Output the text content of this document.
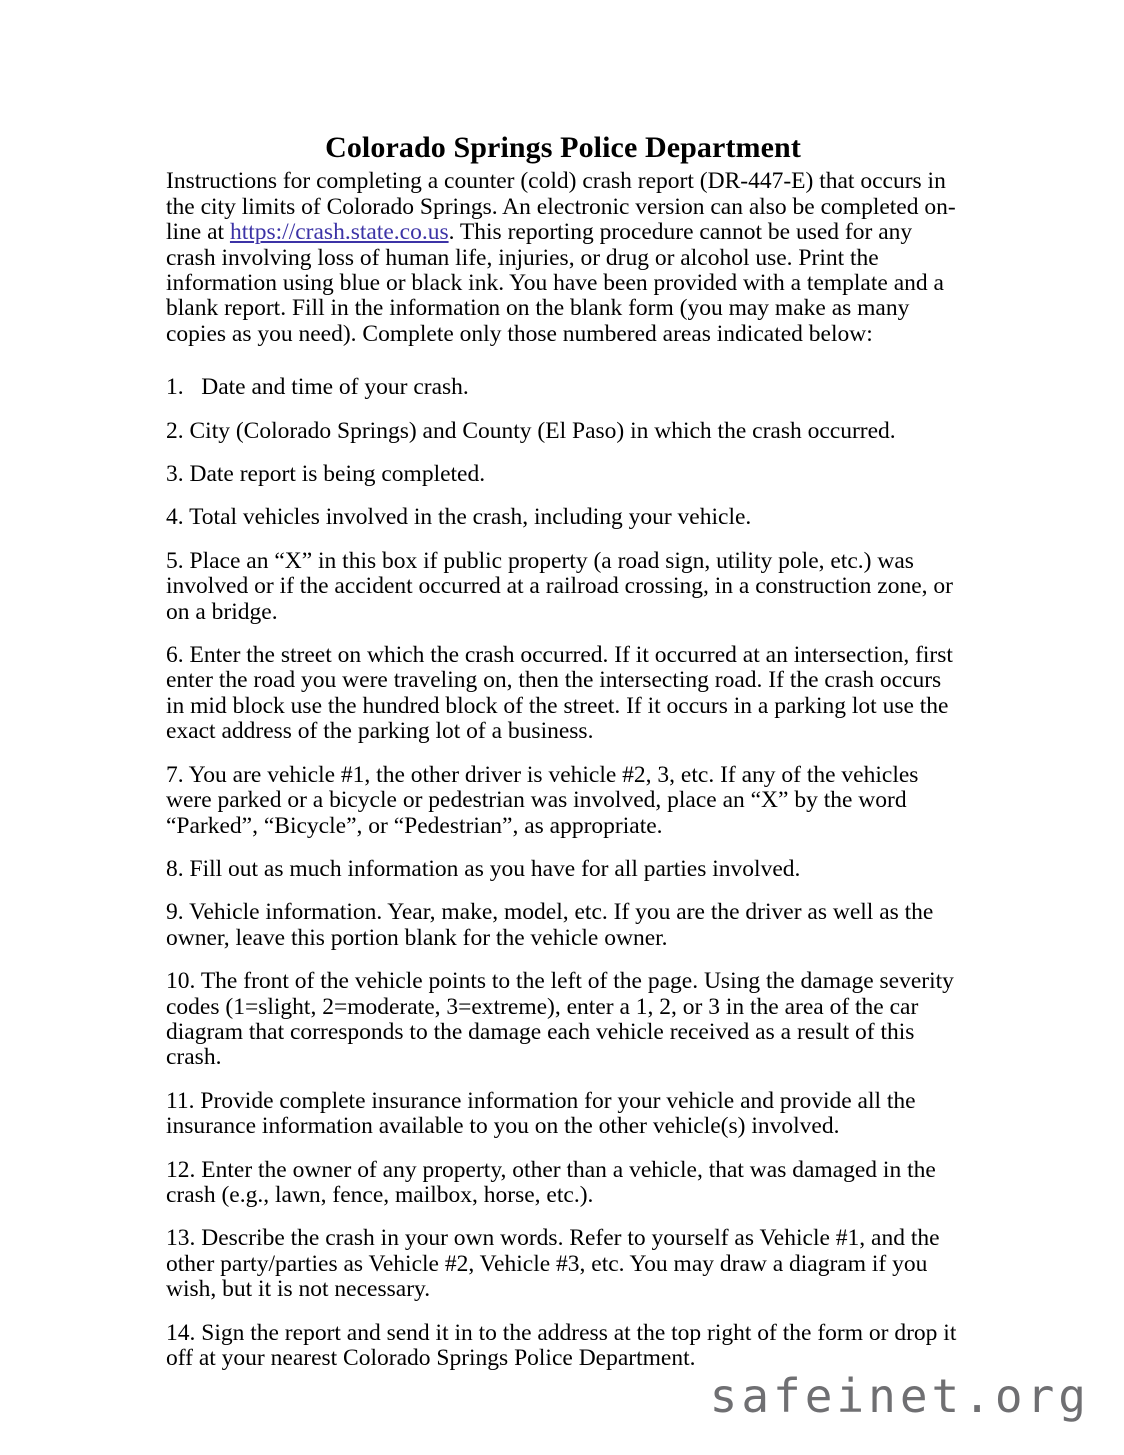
Colorado Springs Police Department

Instructions for completing a counter (cold) crash report (DR-447-E) that occurs in the city limits of Colorado Springs. An electronic version can also be completed on-line at https://crash.state.co.us. This reporting procedure cannot be used for any crash involving loss of human life, injuries, or drug or alcohol use. Print the information using blue or black ink. You have been provided with a template and a blank report. Fill in the information on the blank form (you may make as many copies as you need). Complete only those numbered areas indicated below:

1. Date and time of your crash.
2. City (Colorado Springs) and County (El Paso) in which the crash occurred.
3. Date report is being completed.
4. Total vehicles involved in the crash, including your vehicle.
5. Place an “X” in this box if public property (a road sign, utility pole, etc.) was involved or if the accident occurred at a railroad crossing, in a construction zone, or on a bridge.
6. Enter the street on which the crash occurred. If it occurred at an intersection, first enter the road you were traveling on, then the intersecting road. If the crash occurs in mid block use the hundred block of the street. If it occurs in a parking lot use the exact address of the parking lot of a business.
7. You are vehicle #1, the other driver is vehicle #2, 3, etc. If any of the vehicles were parked or a bicycle or pedestrian was involved, place an “X” by the word “Parked”, “Bicycle”, or “Pedestrian”, as appropriate.
8. Fill out as much information as you have for all parties involved.
9. Vehicle information. Year, make, model, etc. If you are the driver as well as the owner, leave this portion blank for the vehicle owner.
10. The front of the vehicle points to the left of the page. Using the damage severity codes (1=slight, 2=moderate, 3=extreme), enter a 1, 2, or 3 in the area of the car diagram that corresponds to the damage each vehicle received as a result of this crash.
11. Provide complete insurance information for your vehicle and provide all the insurance information available to you on the other vehicle(s) involved.
12. Enter the owner of any property, other than a vehicle, that was damaged in the crash (e.g., lawn, fence, mailbox, horse, etc.).
13. Describe the crash in your own words. Refer to yourself as Vehicle #1, and the other party/parties as Vehicle #2, Vehicle #3, etc. You may draw a diagram if you wish, but it is not necessary.
14. Sign the report and send it in to the address at the top right of the form or drop it off at your nearest Colorado Springs Police Department.
safeinet.org
